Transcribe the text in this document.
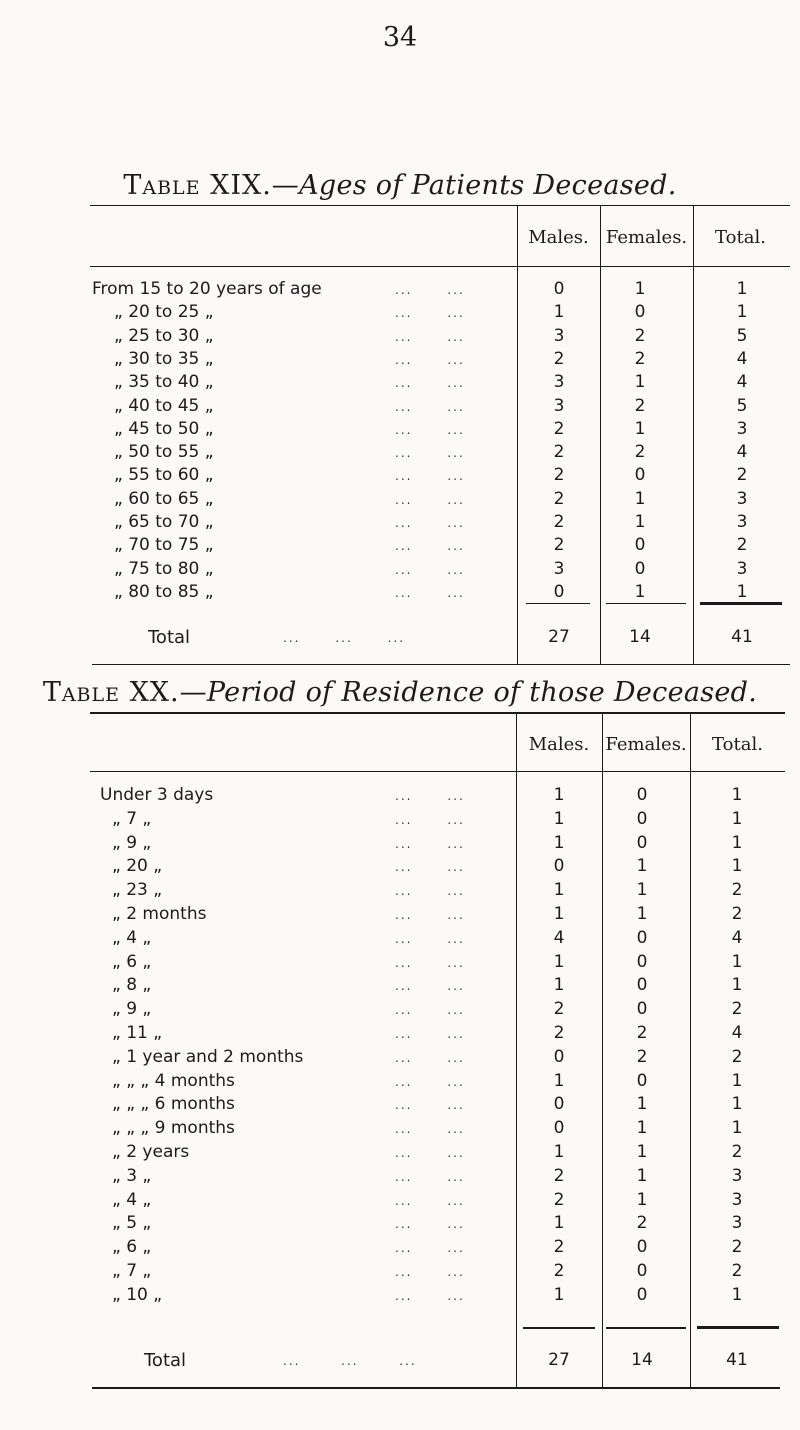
34
Table XIX.—Ages of Patients Deceased.
Males. Females.	Total.
From 15 to 20 years of age	...      ...	0	1	1
„ 20 to 25 „	...      ...	1	0	1
„ 25 to 30 „	...      ...	3	2	5
„ 30 to 35 „	...      ...	2	2	4
„ 35 to 40 „	...      ...	3	1	4
„ 40 to 45 „	...      ...	3	2	5
„ 45 to 50 „	...      ...	2	1	3
„ 50 to 55 „	...      ...	2	2	4
„ 55 to 60 „	...      ...	2	0	2
„ 60 to 65 „	...      ...	2	1	3
„ 65 to 70 „	...      ...	2	1	3
„ 70 to 75 „	...      ...	2	0	2
„ 75 to 80 „	...      ...	3	0	3
„ 80 to 85 „	...      ...	0	1	1
Total	...      ...      ...	27	14	41
Table XX.—Period of Residence of those Deceased.
Males. Females.	Total.
Under 3 days	...      ...	1	0	1
„ 7 „	...      ...	1	0	1
„ 9 „	...      ...	1	0	1
„ 20 „	...      ...	0	1	1
„ 23 „	...      ...	1	1	2
„ 2 months	...      ...	1	1	2
„ 4 „	...      ...	4	0	4
„ 6 „	...      ...	1	0	1
„ 8 „	...      ...	1	0	1
„ 9 „	...      ...	2	0	2
„ 11 „	...      ...	2	2	4
„ 1 year and 2 months	...      ...	0	2	2
„ „ „ 4 months	...      ...	1	0	1
„ „ „ 6 months	...      ...	0	1	1
„ „ „ 9 months	...      ...	0	1	1
„ 2 years	...      ...	1	1	2
„ 3 „	...      ...	2	1	3
„ 4 „	...      ...	2	1	3
„ 5 „	...      ...	1	2	3
„ 6 „	...      ...	2	0	2
„ 7 „	...      ...	2	0	2
„ 10 „	...      ...	1	0	1
Total	...       ...       ...	27	14	41
